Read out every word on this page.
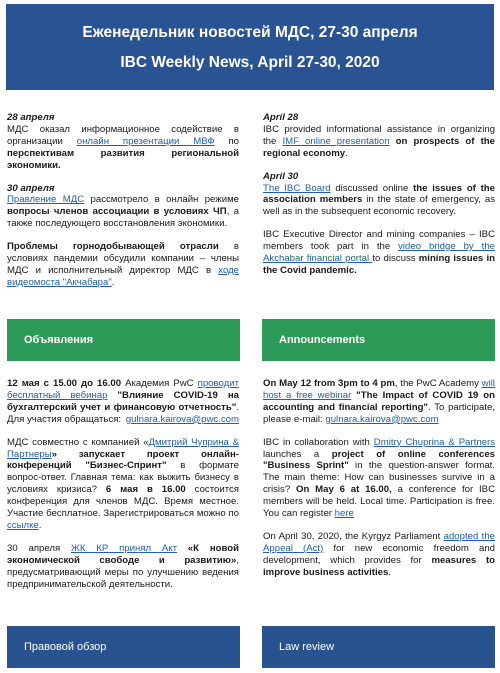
Еженедельник новостей МДС, 27-30 апреля
IBC Weekly News, April 27-30, 2020
28 апреля
МДС оказал информационное содействие в организации онлайн презентации МВФ по перспективам развития региональной экономики.
30 апреля
Правление МДС рассмотрело в онлайн режиме вопросы членов ассоциации в условиях ЧП, а также последующего восстановления экономики.
Проблемы горнодобывающей отрасли в условиях пандемии обсудили компании – члены МДС и исполнительный директор МДС в ходе видеомоста "Акчабара".
April 28
IBC provided informational assistance in organizing the IMF online presentation on prospects of the regional economy.
April 30
The IBC Board discussed online the issues of the association members in the state of emergency, as well as in the subsequent economic recovery.
IBC Executive Director and mining companies – IBC members took part in the video bridge by the Akchabar financial portal to discuss mining issues in the Covid pandemic.
Объявления	Announcements
12 мая с 15.00 до 16.00 Академия PwC проводит бесплатный вебинар "Влияние COVID-19 на бухгалтерский учет и финансовую отчетность". Для участия обращаться: gulnara.kairova@pwc.com
МДС совместно с компанией «Дмитрий Чуприна & Партнеры» запускает проект онлайн-конференций "Бизнес-Спринт" в формате вопрос-ответ. Главная тема: как выжить бизнесу в условиях кризиса? 6 мая в 16.00 состоится конференция для членов МДС. Время местное. Участие бесплатное. Зарегистрироваться можно по ссылке.
30 апреля ЖК КР принял Акт «К новой экономической свободе и развитию», предусматривающий меры по улучшению ведения предпринимательской деятельности.
On May 12 from 3pm to 4 pm, the PwC Academy will host a free webinar "The Impact of COVID 19 on accounting and financial reporting". To participate, please e-mail: gulnara.kairova@pwc.com
IBC in collaboration with Dmitry Chuprina & Partners launches a project of online conferences "Business Sprint" in the question-answer format. The main theme: How can businesses survive in a crisis? On May 6 at 16.00, a conference for IBC members will be held. Local time. Participation is free. You can register here
On April 30, 2020, the Kyrgyz Parliament adopted the Appeal (Act) for new economic freedom and development, which provides for measures to improve business activities.
Правовой обзор	Law review
